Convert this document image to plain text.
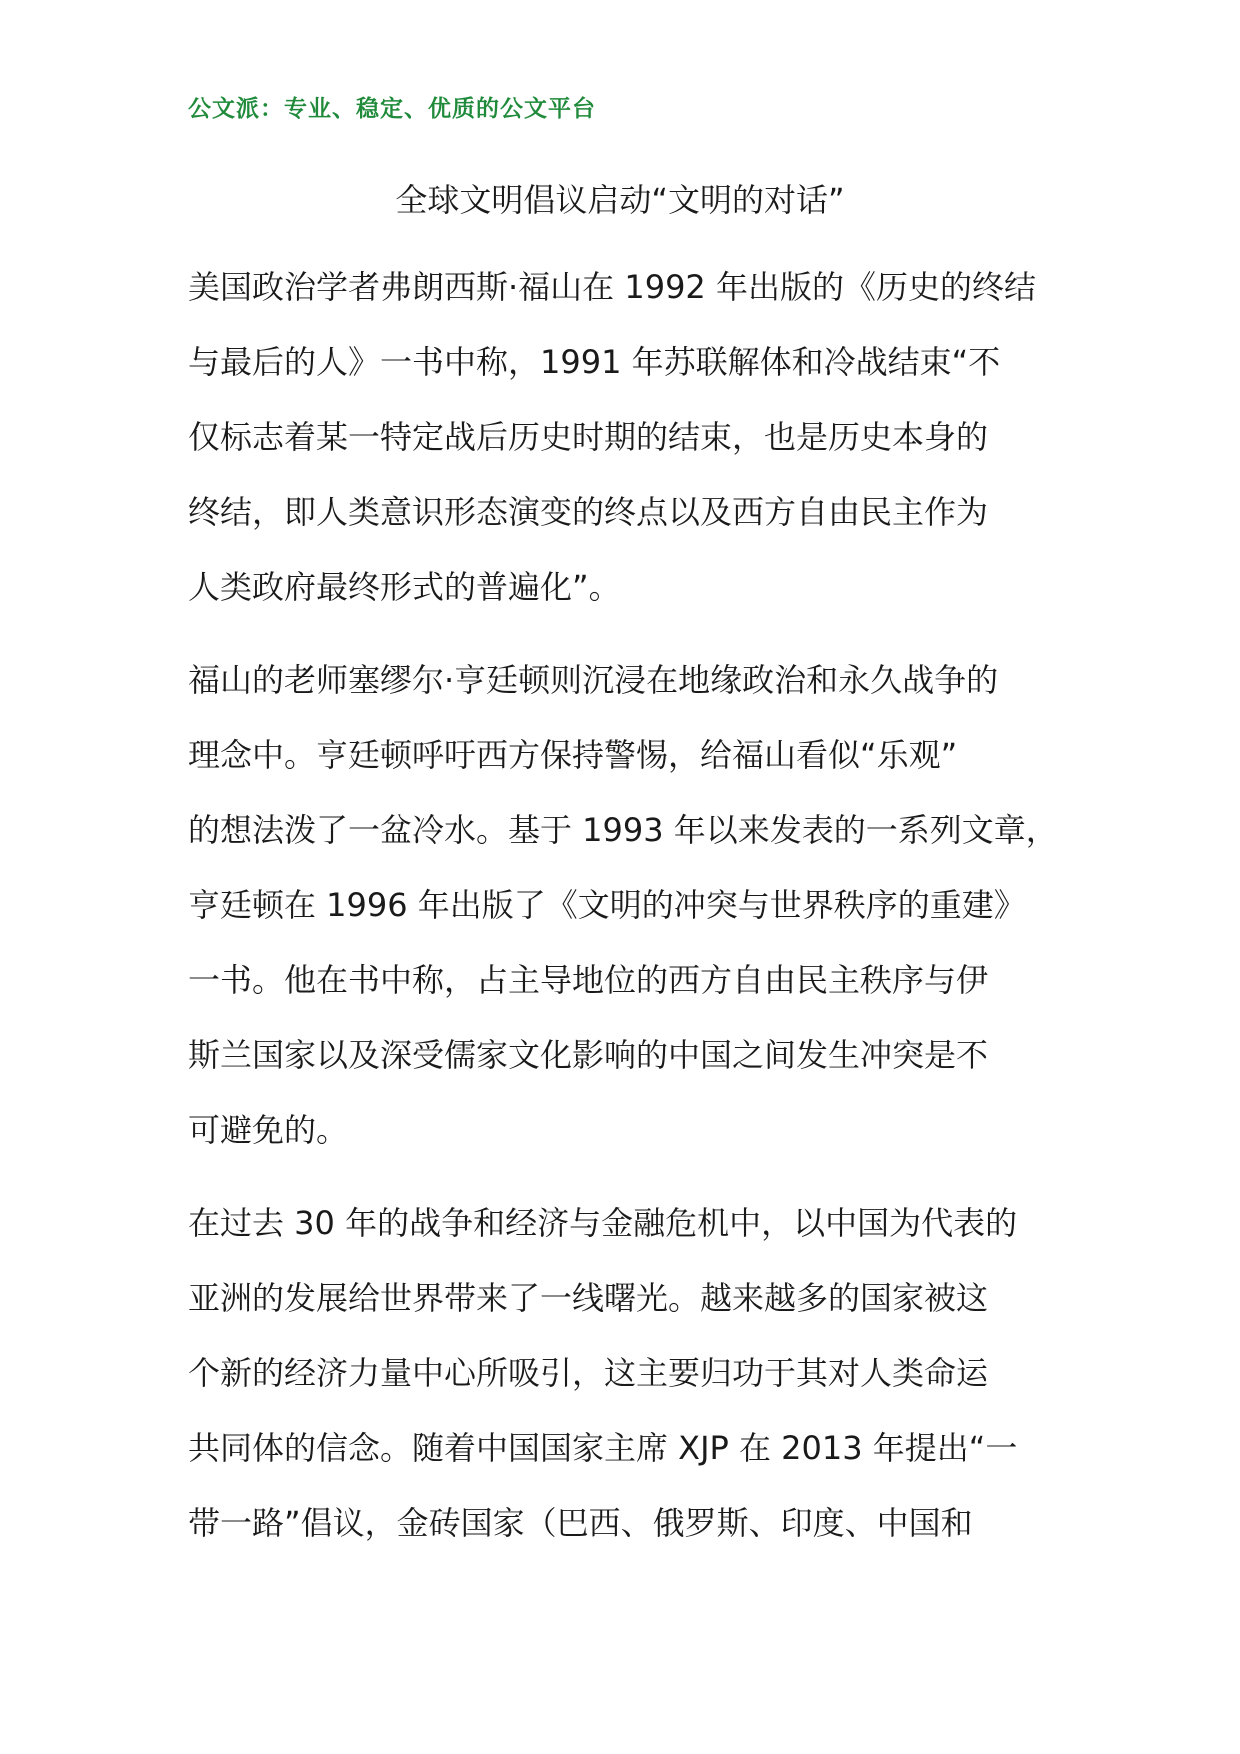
公文派：专业、稳定、优质的公文平台
全球文明倡议启动“文明的对话”
美国政治学者弗朗西斯·福山在 1992 年出版的《历史的终结
与最后的人》一书中称，1991 年苏联解体和冷战结束“不
仅标志着某一特定战后历史时期的结束，也是历史本身的
终结，即人类意识形态演变的终点以及西方自由民主作为
人类政府最终形式的普遍化”。
福山的老师塞缪尔·亨廷顿则沉浸在地缘政治和永久战争的
理念中。亨廷顿呼吁西方保持警惕，给福山看似“乐观”
的想法泼了一盆冷水。基于 1993 年以来发表的一系列文章，
亨廷顿在 1996 年出版了《文明的冲突与世界秩序的重建》
一书。他在书中称，占主导地位的西方自由民主秩序与伊
斯兰国家以及深受儒家文化影响的中国之间发生冲突是不
可避免的。
在过去 30 年的战争和经济与金融危机中，以中国为代表的
亚洲的发展给世界带来了一线曙光。越来越多的国家被这
个新的经济力量中心所吸引，这主要归功于其对人类命运
共同体的信念。随着中国国家主席 XJP 在 2013 年提出“一
带一路”倡议，金砖国家（巴西、俄罗斯、印度、中国和
